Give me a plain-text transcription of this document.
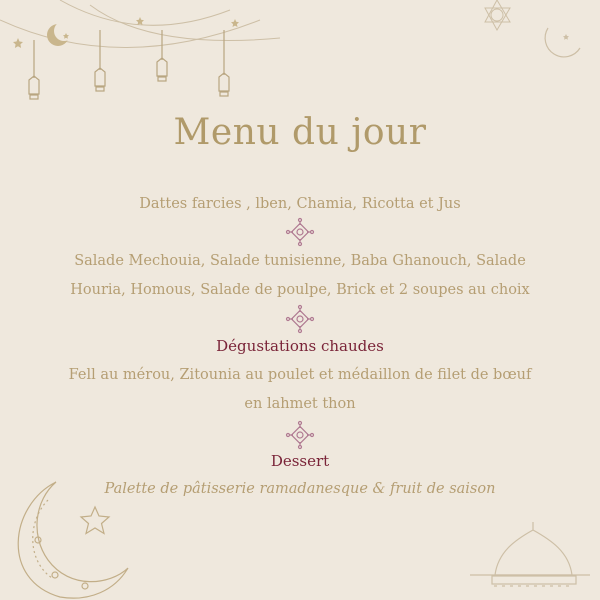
Menu du jour
Dattes farcies , lben, Chamia, Ricotta et Jus
Salade Mechouia, Salade tunisienne, Baba Ghanouch, Salade
Houria, Homous, Salade de poulpe, Brick et 2 soupes au choix
Dégustations chaudes
Fell au mérou, Zitounia au poulet et médaillon de filet de bœuf
en lahmet thon
Dessert
Palette de pâtisserie ramadanesque & fruit de saison
